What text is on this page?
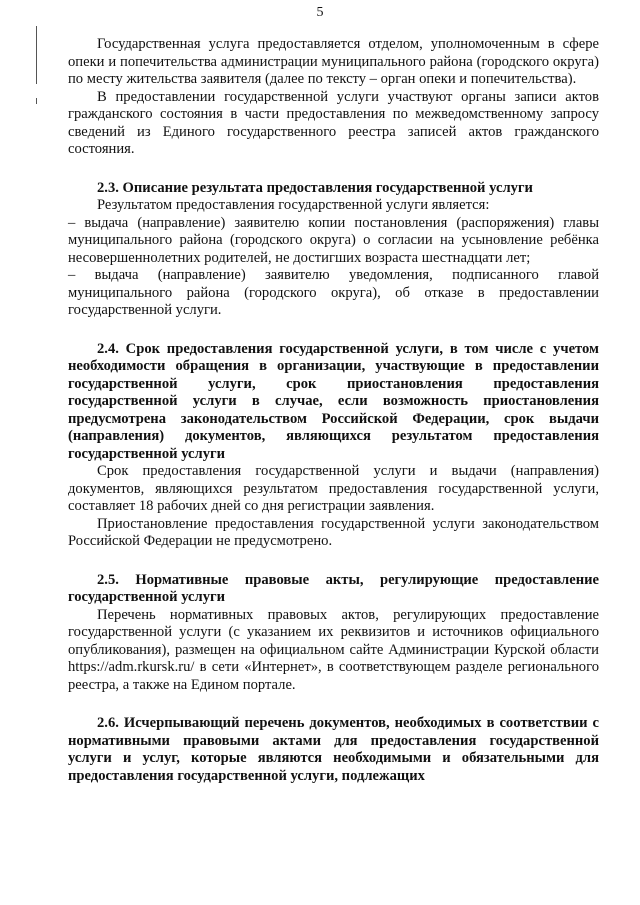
5

Государственная услуга предоставляется отделом, уполномоченным в сфере опеки и попечительства администрации муниципального района (городского округа) по месту жительства заявителя (далее по тексту – орган опеки и попечительства).

В предоставлении государственной услуги участвуют органы записи актов гражданского состояния в части предоставления по межведомственному запросу сведений из Единого государственного реестра записей актов гражданского состояния.

2.3. Описание результата предоставления государственной услуги

Результатом предоставления государственной услуги является:

– выдача (направление) заявителю копии постановления (распоряжения) главы муниципального района (городского округа) о согласии на усыновление ребёнка несовершеннолетних родителей, не достигших возраста шестнадцати лет;

– выдача (направление) заявителю уведомления, подписанного главой муниципального района (городского округа), об отказе в предоставлении государственной услуги.

2.4. Срок предоставления государственной услуги, в том числе с учетом необходимости обращения в организации, участвующие в предоставлении государственной услуги, срок приостановления предоставления государственной услуги в случае, если возможность приостановления предусмотрена законодательством Российской Федерации, срок выдачи (направления) документов, являющихся результатом предоставления государственной услуги

Срок предоставления государственной услуги и выдачи (направления) документов, являющихся результатом предоставления государственной услуги, составляет 18 рабочих дней со дня регистрации заявления.

Приостановление предоставления государственной услуги законодательством Российской Федерации не предусмотрено.

2.5. Нормативные правовые акты, регулирующие предоставление государственной услуги

Перечень нормативных правовых актов, регулирующих предоставление государственной услуги (с указанием их реквизитов и источников официального опубликования), размещен на официальном сайте Администрации Курской области https://adm.rkursk.ru/ в сети «Интернет», в соответствующем разделе регионального реестра, а также на Едином портале.

2.6. Исчерпывающий перечень документов, необходимых в соответствии с нормативными правовыми актами для предоставления государственной услуги и услуг, которые являются необходимыми и обязательными для предоставления государственной услуги, подлежащих
